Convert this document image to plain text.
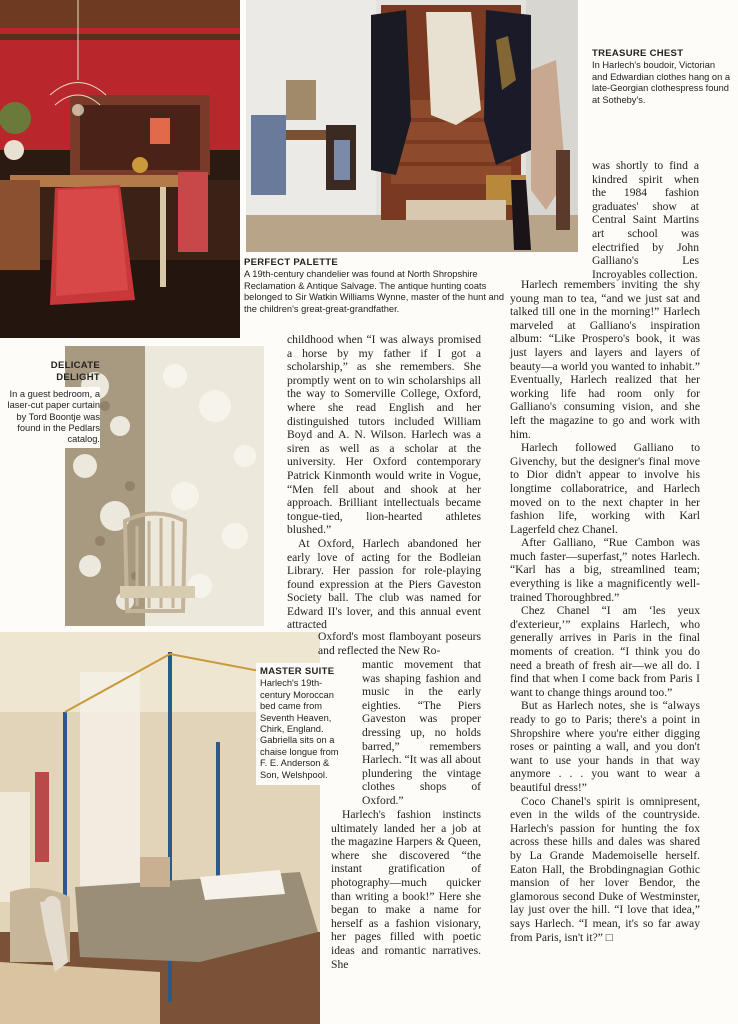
TREASURE CHEST
In Harlech's boudoir, Victorian and Edwardian clothes hang on a late-Georgian clothespress found at Sotheby's.
PERFECT PALETTE
A 19th-century chandelier was found at North Shropshire Reclamation & Antique Salvage. The antique hunting coats belonged to Sir Watkin Williams Wynne, master of the hunt and the children's great-great-grandfather.
DELICATE
DELIGHT
In a guest bedroom, a laser-cut paper curtain by Tord Boontje was found in the Pedlars catalog.
MASTER SUITE
Harlech's 19th-century Moroccan bed came from Seventh Heaven, Chirk, England. Gabriella sits on a chaise longue from F. E. Anderson & Son, Welshpool.

childhood when “I was always promised a horse by my father if I got a scholarship,” as she remembers. She promptly went on to win scholarships all the way to Somerville College, Oxford, where she read English and her distinguished tutors included William Boyd and A. N. Wilson. Harlech was a siren as well as a scholar at the university. Her Oxford contemporary Patrick Kinmonth would write in Vogue, “Men fell about and shook at her approach. Brilliant intellectuals became tongue-tied, lion-hearted athletes blushed.”

At Oxford, Harlech abandoned her early love of acting for the Bodleian Library. Her passion for role-playing found expression at the Piers Gaveston Society ball. The club was named for Edward II's lover, and this annual event attracted

Oxford's most flamboyant poseurs and reflected the New Ro-

mantic movement that was shaping fashion and music in the early eighties. “The Piers Gaveston was proper dressing up, no holds barred,” remembers Harlech. “It was all about plundering the vintage clothes shops of Oxford.”

Harlech's fashion instincts ultimately landed her a job at the magazine Harpers & Queen, where she discovered “the instant gratification of photography—much quicker than writing a book!” Here she began to make a name for herself as a fashion visionary, her pages filled with poetic ideas and romantic narratives. She

was shortly to find a kindred spirit when the 1984 fashion graduates' show at Central Saint Martins art school was electrified by John Galliano's Les Incroyables collection.

Harlech remembers inviting the shy young man to tea, “and we just sat and talked till one in the morning!” Harlech marveled at Galliano's inspiration album: “Like Prospero's book, it was just layers and layers and layers of beauty—a world you wanted to inhabit.” Eventually, Harlech realized that her working life had room only for Galliano's consuming vision, and she left the magazine to go and work with him.

Harlech followed Galliano to Givenchy, but the designer's final move to Dior didn't appear to involve his longtime collaboratrice, and Harlech moved on to the next chapter in her fashion life, working with Karl Lagerfeld chez Chanel.

After Galliano, “Rue Cambon was much faster—superfast,” notes Harlech. “Karl has a big, streamlined team; everything is like a magnificently well-trained Thoroughbred.”

Chez Chanel “I am ‘les yeux d'exterieur,’” explains Harlech, who generally arrives in Paris in the final moments of creation. “I think you do need a breath of fresh air—we all do. I find that when I come back from Paris I want to change things around too.”

But as Harlech notes, she is “always ready to go to Paris; there's a point in Shropshire where you're either digging roses or painting a wall, and you don't want to use your hands in that way anymore . . . you want to wear a beautiful dress!”

Coco Chanel's spirit is omnipresent, even in the wilds of the countryside. Harlech's passion for hunting the fox across these hills and dales was shared by La Grande Mademoiselle herself. Eaton Hall, the Brobdingnagian Gothic mansion of her lover Bendor, the glamorous second Duke of Westminster, lay just over the hill. “I love that idea,” says Harlech. “I mean, it's so far away from Paris, isn't it?” □
